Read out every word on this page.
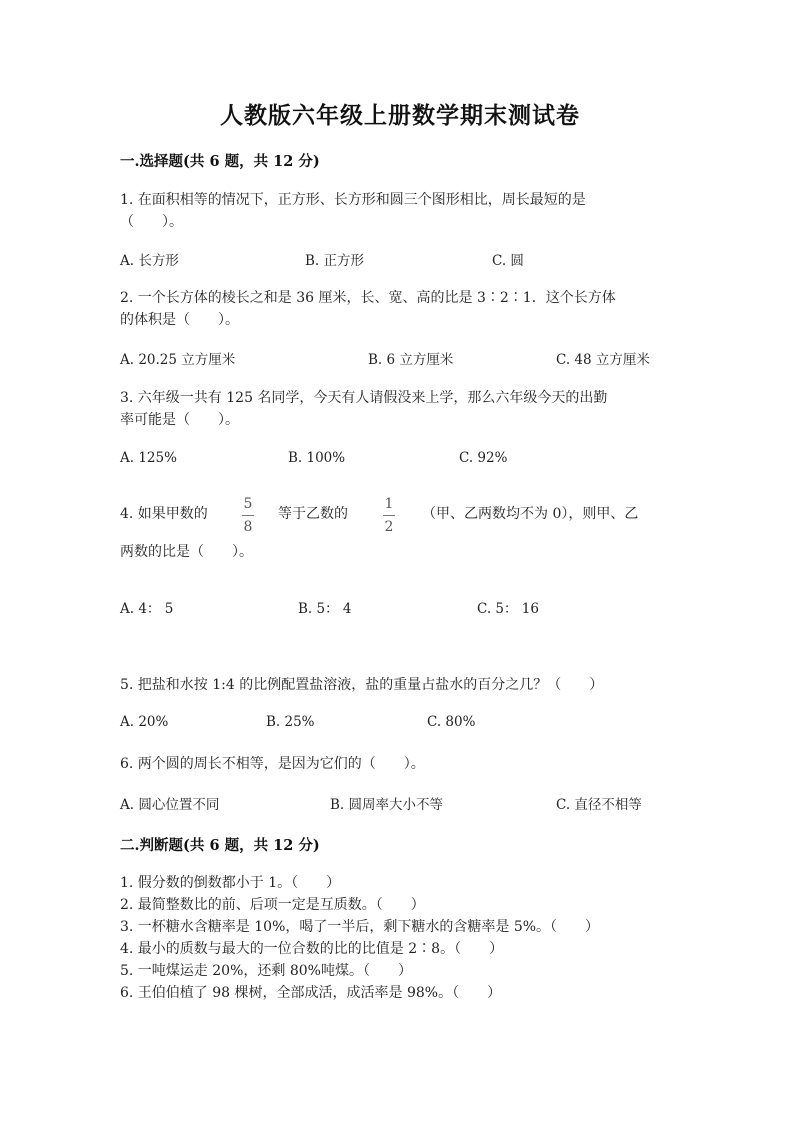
人教版六年级上册数学期末测试卷
一.选择题(共 6 题，共 12 分)
1. 在面积相等的情况下，正方形、长方形和圆三个图形相比，周长最短的是
（　　）。
A. 长方形	B. 正方形	C. 圆
2. 一个长方体的棱长之和是 36 厘米，长、宽、高的比是 3∶2∶1．这个长方体
的体积是（　　）。
A. 20.25 立方厘米	B. 6 立方厘米	C. 48 立方厘米
3. 六年级一共有 125 名同学，今天有人请假没来上学，那么六年级今天的出勤
率可能是（　　）。
A. 125%	B. 100%	C. 92%
4. 如果甲数的
5
8
等于乙数的
1
2
（甲、乙两数均不为 0），则甲、乙
两数的比是（　　）。
A. 4： 5	B. 5： 4	C. 5： 16
5. 把盐和水按 1:4 的比例配置盐溶液，盐的重量占盐水的百分之几？（　　）
A. 20%	B. 25%	C. 80%
6. 两个圆的周长不相等，是因为它们的（　　）。
A. 圆心位置不同	B. 圆周率大小不等	C. 直径不相等
二.判断题(共 6 题，共 12 分)
1. 假分数的倒数都小于 1。（　　）
2. 最简整数比的前、后项一定是互质数。（　　）
3. 一杯糖水含糖率是 10%，喝了一半后，剩下糖水的含糖率是 5%。（　　）
4. 最小的质数与最大的一位合数的比的比值是 2∶8。（　　）
5. 一吨煤运走 20%，还剩 80%吨煤。（　　）
6. 王伯伯植了 98 棵树，全部成活，成活率是 98%。（　　）
